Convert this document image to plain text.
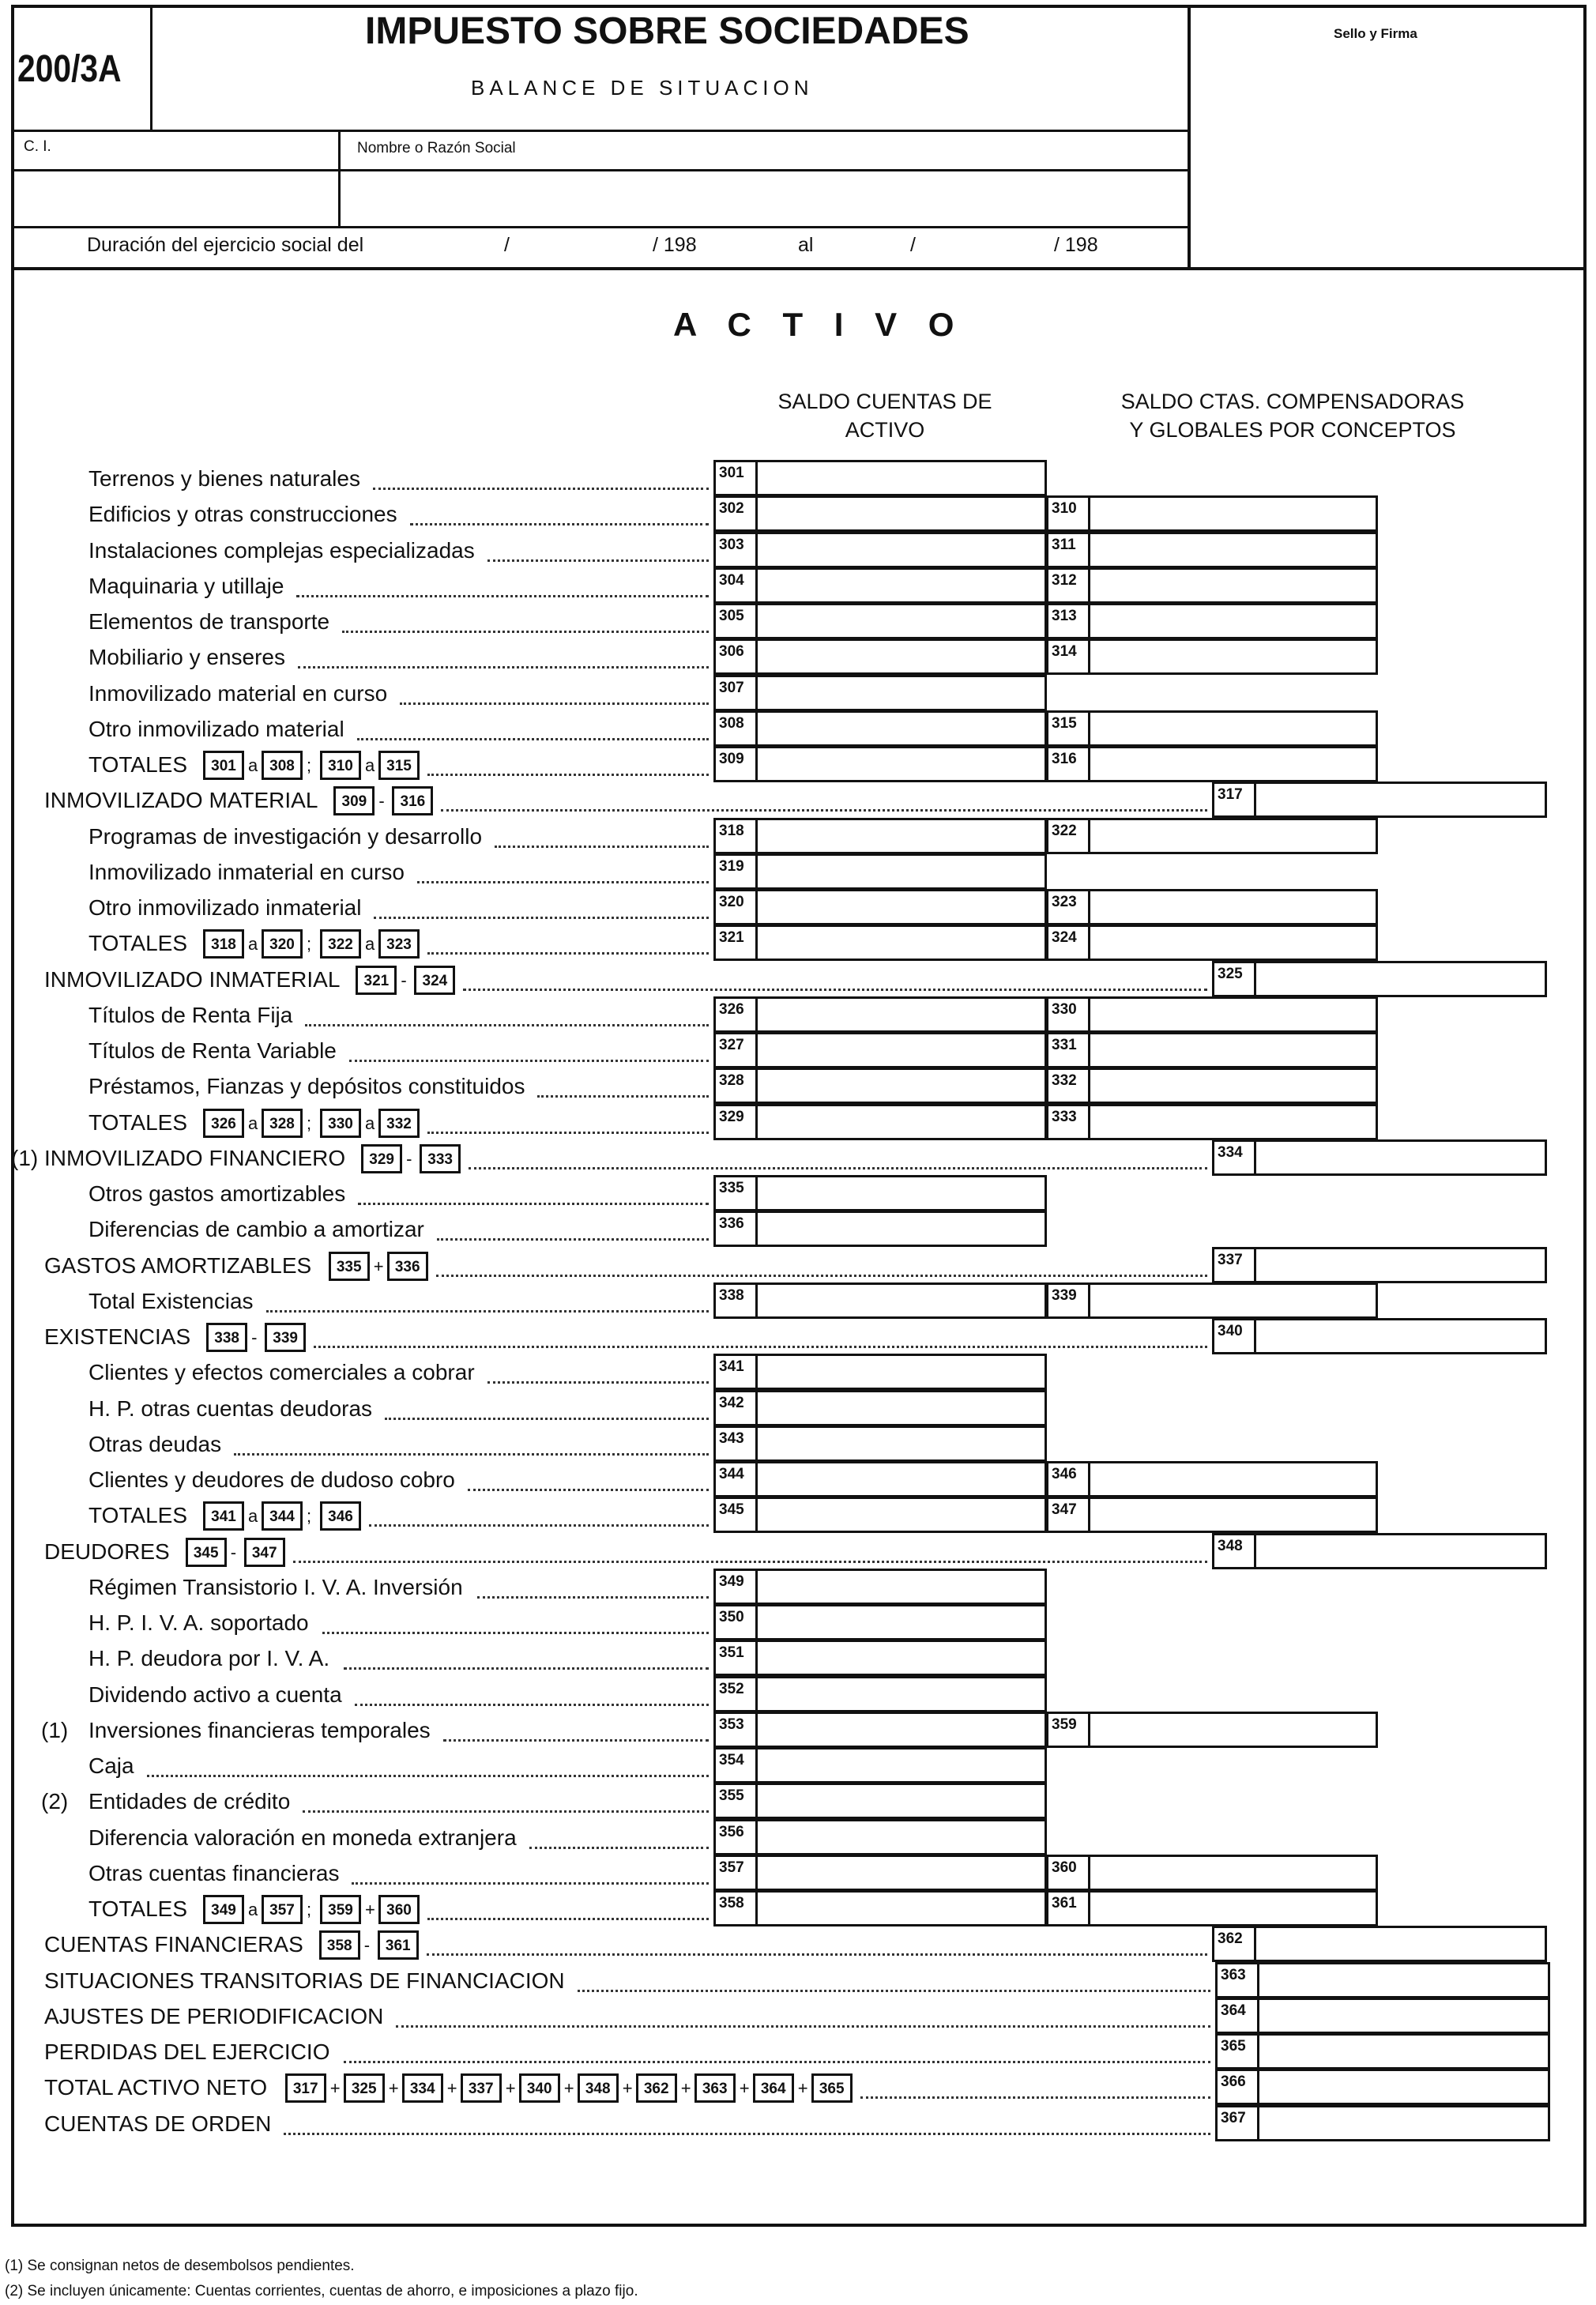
200/3A
IMPUESTO SOBRE SOCIEDADES
BALANCE DE SITUACION
Sello y Firma
C. I.	Nombre o Razón Social
Duración del ejercicio social del	/	/ 198	al	/	/ 198
A C T I V O
SALDO CUENTAS DE
ACTIVO
SALDO CTAS. COMPENSADORAS
Y GLOBALES POR CONCEPTOS
Terrenos y bienes naturales	301
Edificios y otras construcciones	302	310
Instalaciones complejas especializadas	303	311
Maquinaria y utillaje	304	312
Elementos de transporte	305	313
Mobiliario y enseres	306	314
Inmovilizado material en curso	307
Otro inmovilizado material	308	315
TOTALES	301 a 308 ;	310 a 315	309	316
INMOVILIZADO MATERIAL	309 -	316	317
Programas de investigación y desarrollo	318	322
Inmovilizado inmaterial en curso	319
Otro inmovilizado inmaterial	320	323
TOTALES	318 a 320 ;	322 a 323	321	324
INMOVILIZADO INMATERIAL	321 -	324	325
Títulos de Renta Fija	326	330
Títulos de Renta Variable	327	331
Préstamos, Fianzas y depósitos constituidos	328	332
TOTALES	326 a 328 ;	330 a 332	329	333
(1) INMOVILIZADO FINANCIERO	329 -	333	334
Otros gastos amortizables	335
Diferencias de cambio a amortizar	336
GASTOS AMORTIZABLES	335 + 336	337
Total Existencias	338	339
EXISTENCIAS	338 -	339	340
Clientes y efectos comerciales a cobrar	341
H. P. otras cuentas deudoras	342
Otras deudas	343
Clientes y deudores de dudoso cobro	344	346
TOTALES	341 a 344 ;	346	345	347
DEUDORES	345 -	347	348
Régimen Transistorio I. V. A. Inversión	349
H. P. I. V. A. soportado	350
H. P. deudora por I. V. A.	351
Dividendo activo a cuenta	352
(1) Inversiones financieras temporales	353	359
Caja	354
(2) Entidades de crédito	355
Diferencia valoración en moneda extranjera	356
Otras cuentas financieras	357	360
TOTALES	349 a 357 ;	359 + 360	358	361
CUENTAS FINANCIERAS	358 -	361	362
SITUACIONES TRANSITORIAS DE FINANCIACION	363
AJUSTES DE PERIODIFICACION	364
PERDIDAS DEL EJERCICIO	365
TOTAL ACTIVO NETO	317 + 325 + 334 + 337 + 340 + 348 + 362 + 363 + 364 + 365	366
CUENTAS DE ORDEN	367
(1) Se consignan netos de desembolsos pendientes.
(2) Se incluyen únicamente: Cuentas corrientes, cuentas de ahorro, e imposiciones a plazo fijo.
